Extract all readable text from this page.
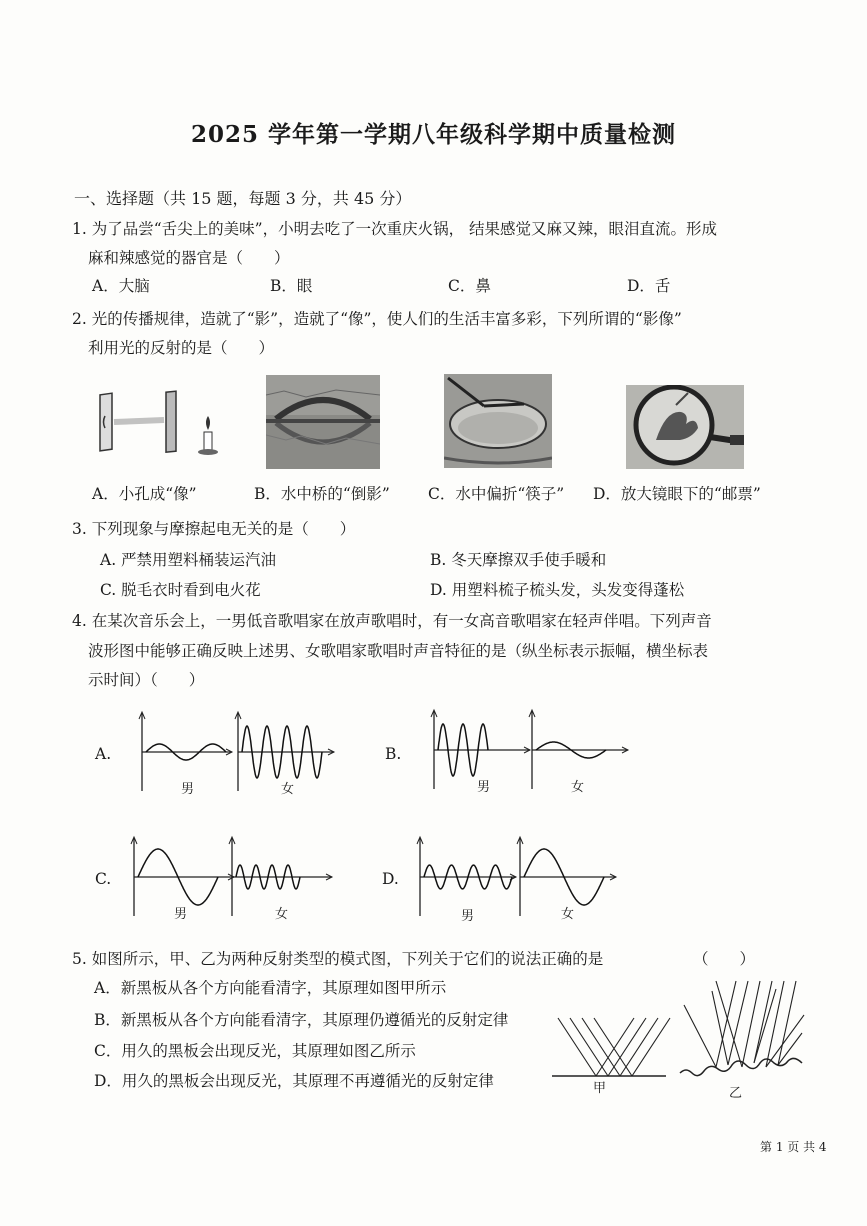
2025 学年第一学期八年级科学期中质量检测
一、选择题（共 15 题，每题 3 分，共 45 分）
1. 为了品尝“舌尖上的美味”，小明去吃了一次重庆火锅， 结果感觉又麻又辣，眼泪直流。形成
麻和辣感觉的器官是（　　）
A．大脑	B．眼	C．鼻	D．舌
2. 光的传播规律，造就了“影”，造就了“像”，使人们的生活丰富多彩，下列所谓的“影像”
利用光的反射的是（　　）
A．小孔成“像”	B．水中桥的“倒影” C．水中偏折“筷子” D．放大镜眼下的“邮票”
3. 下列现象与摩擦起电无关的是（　　）
A. 严禁用塑料桶装运汽油	B. 冬天摩擦双手使手暖和
C. 脱毛衣时看到电火花	D. 用塑料梳子梳头发，头发变得蓬松
4. 在某次音乐会上，一男低音歌唱家在放声歌唱时，有一女高音歌唱家在轻声伴唱。下列声音
波形图中能够正确反映上述男、女歌唱家歌唱时声音特征的是（纵坐标表示振幅，横坐标表
示时间）（　　）
A.	B.
C.	D.
男	女	男	女
男	女	男	女
5. 如图所示，甲、乙为两种反射类型的模式图，下列关于它们的说法正确的是	（　　）
A．新黑板从各个方向能看清字，其原理如图甲所示
B．新黑板从各个方向能看清字，其原理仍遵循光的反射定律
C．用久的黑板会出现反光，其原理如图乙所示
D．用久的黑板会出现反光，其原理不再遵循光的反射定律	甲	乙
第 1 页 共 4
